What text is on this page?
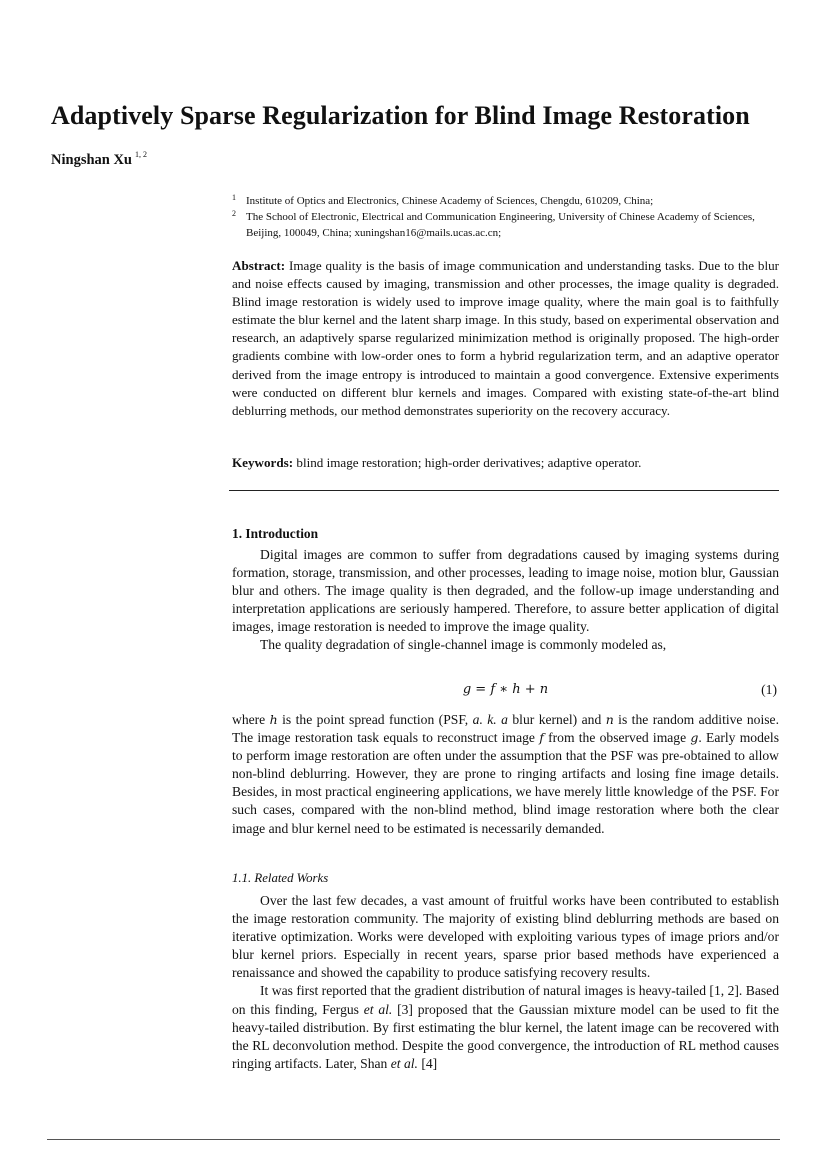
Adaptively Sparse Regularization for Blind Image Restoration
Ningshan Xu $^{1, 2}$
1 Institute of Optics and Electronics, Chinese Academy of Sciences, Chengdu, 610209, China;
2 The School of Electronic, Electrical and Communication Engineering, University of Chinese Academy of Sciences, Beijing, 100049, China; xuningshan16@mails.ucas.ac.cn;
Abstract: Image quality is the basis of image communication and understanding tasks. Due to the blur and noise effects caused by imaging, transmission and other processes, the image quality is degraded. Blind image restoration is widely used to improve image quality, where the main goal is to faithfully estimate the blur kernel and the latent sharp image. In this study, based on experimental observation and research, an adaptively sparse regularized minimization method is originally proposed. The high-order gradients combine with low-order ones to form a hybrid regularization term, and an adaptive operator derived from the image entropy is introduced to maintain a good convergence. Extensive experiments were conducted on different blur kernels and images. Compared with existing state-of-the-art blind deblurring methods, our method demonstrates superiority on the recovery accuracy.
Keywords: blind image restoration; high-order derivatives; adaptive operator.
1. Introduction

Digital images are common to suffer from degradations caused by imaging systems during formation, storage, transmission, and other processes, leading to image noise, motion blur, Gaussian blur and others. The image quality is then degraded, and the follow-up image understanding and interpretation applications are seriously hampered. Therefore, to assure better application of digital images, image restoration is needed to improve the image quality.

The quality degradation of single-channel image is commonly modeled as,

g = f ∗ h + n	(1)

where h is the point spread function (PSF, a. k. a blur kernel) and n is the random additive noise. The image restoration task equals to reconstruct image f from the observed image g. Early models to perform image restoration are often under the assumption that the PSF was pre-obtained to allow non-blind deblurring. However, they are prone to ringing artifacts and losing fine image details. Besides, in most practical engineering applications, we have merely little knowledge of the PSF. For such cases, compared with the non-blind method, blind image restoration where both the clear image and blur kernel need to be estimated is necessarily demanded.

1.1. Related Works

Over the last few decades, a vast amount of fruitful works have been contributed to establish the image restoration community. The majority of existing blind deblurring methods are based on iterative optimization. Works were developed with exploiting various types of image priors and/or blur kernel priors. Especially in recent years, sparse prior based methods have experienced a renaissance and showed the capability to produce satisfying recovery results.

It was first reported that the gradient distribution of natural images is heavy-tailed [1, 2]. Based on this finding, Fergus et al. [3] proposed that the Gaussian mixture model can be used to fit the heavy-tailed distribution. By first estimating the blur kernel, the latent image can be recovered with the RL deconvolution method. Despite the good convergence, the introduction of RL method causes ringing artifacts. Later, Shan et al. [4]
